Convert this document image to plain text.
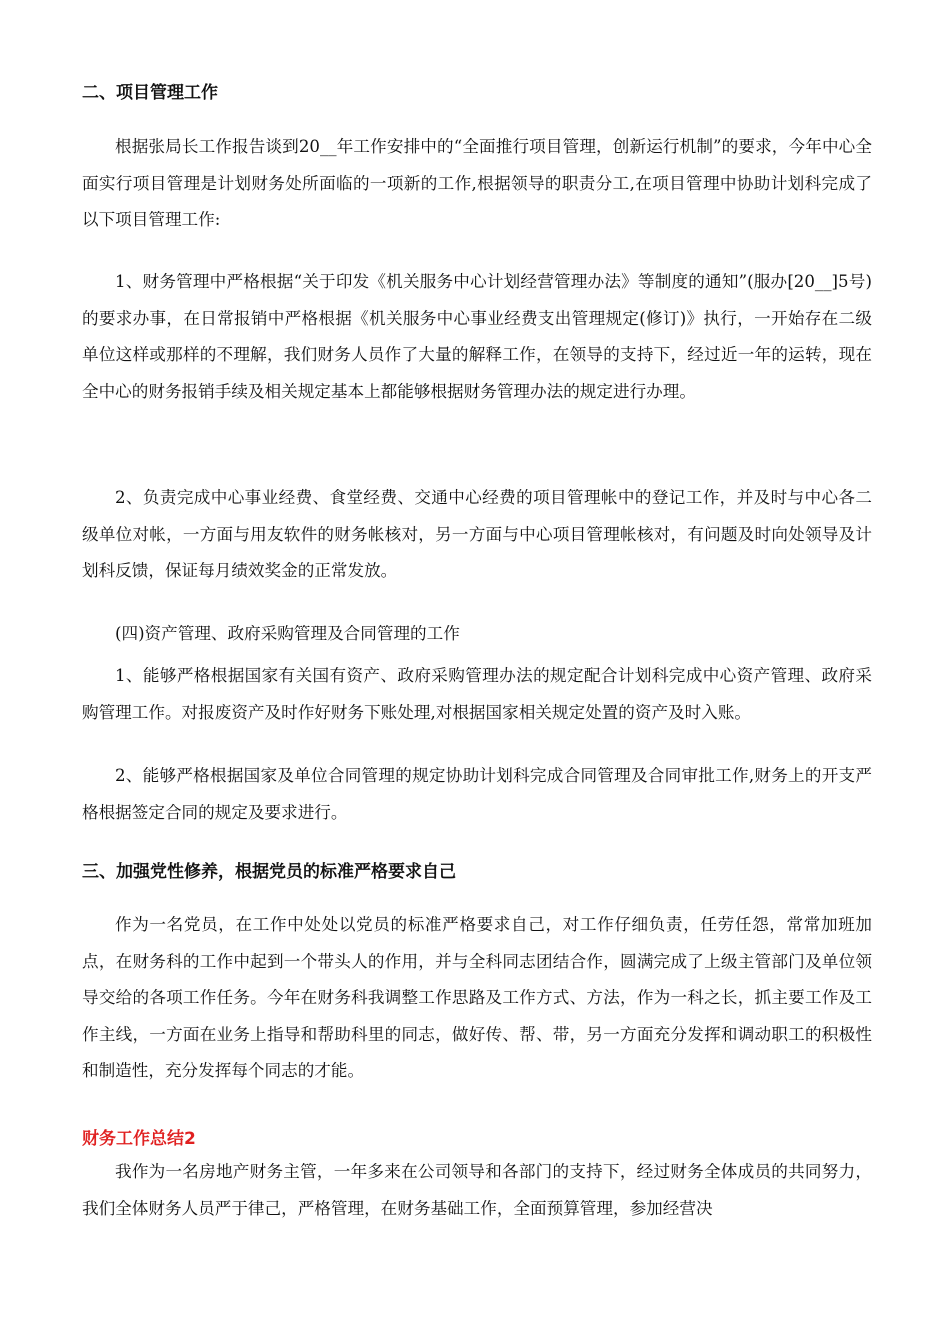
二、项目管理工作
根据张局长工作报告谈到20__年工作安排中的“全面推行项目管理，创新运行机制”的要求，今年中心全面实行项目管理是计划财务处所面临的一项新的工作,根据领导的职责分工,在项目管理中协助计划科完成了以下项目管理工作:
1、财务管理中严格根据“关于印发《机关服务中心计划经营管理办法》等制度的通知”(服办[20__]5号)的要求办事，在日常报销中严格根据《机关服务中心事业经费支出管理规定(修订)》执行，一开始存在二级单位这样或那样的不理解，我们财务人员作了大量的解释工作，在领导的支持下，经过近一年的运转，现在全中心的财务报销手续及相关规定基本上都能够根据财务管理办法的规定进行办理。
2、负责完成中心事业经费、食堂经费、交通中心经费的项目管理帐中的登记工作，并及时与中心各二级单位对帐，一方面与用友软件的财务帐核对，另一方面与中心项目管理帐核对，有问题及时向处领导及计划科反馈，保证每月绩效奖金的正常发放。
(四)资产管理、政府采购管理及合同管理的工作
1、能够严格根据国家有关国有资产、政府采购管理办法的规定配合计划科完成中心资产管理、政府采购管理工作。对报废资产及时作好财务下账处理,对根据国家相关规定处置的资产及时入账。
2、能够严格根据国家及单位合同管理的规定协助计划科完成合同管理及合同审批工作,财务上的开支严格根据签定合同的规定及要求进行。
三、加强党性修养，根据党员的标准严格要求自己
作为一名党员，在工作中处处以党员的标准严格要求自己，对工作仔细负责，任劳任怨，常常加班加点，在财务科的工作中起到一个带头人的作用，并与全科同志团结合作，圆满完成了上级主管部门及单位领导交给的各项工作任务。今年在财务科我调整工作思路及工作方式、方法，作为一科之长，抓主要工作及工作主线，一方面在业务上指导和帮助科里的同志，做好传、帮、带，另一方面充分发挥和调动职工的积极性和制造性，充分发挥每个同志的才能。
财务工作总结2
我作为一名房地产财务主管，一年多来在公司领导和各部门的支持下，经过财务全体成员的共同努力，我们全体财务人员严于律己，严格管理，在财务基础工作，全面预算管理，参加经营决
